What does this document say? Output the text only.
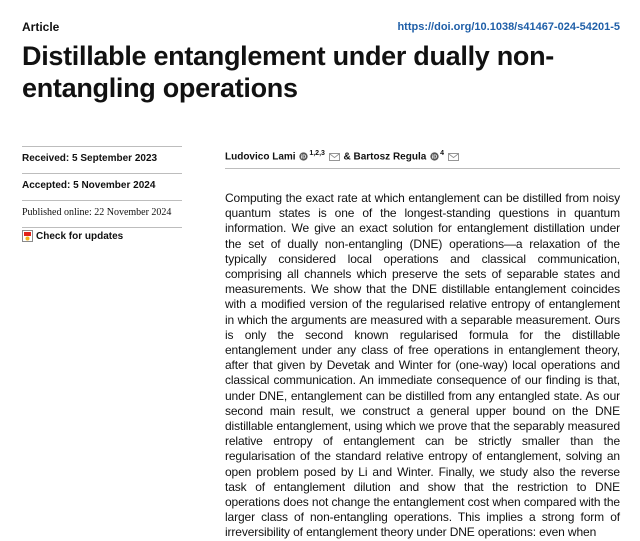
Article	https://doi.org/10.1038/s41467-024-54201-5
Distillable entanglement under dually non-entangling operations
Received: 5 September 2023
Accepted: 5 November 2024
Published online: 22 November 2024
Check for updates
Ludovico Lami iD
$^{1,2,3}$ & Bartosz Regula iD
$^4$

Computing the exact rate at which entanglement can be distilled from noisy quantum states is one of the longest-standing questions in quantum information. We give an exact solution for entanglement distillation under the set of dually non-entangling (DNE) operations—a relaxation of the typically considered local operations and classical communication, comprising all channels which preserve the sets of separable states and measurements. We show that the DNE distillable entanglement coincides with a modified version of the regularised relative entropy of entanglement in which the arguments are measured with a separable measurement. Ours is only the second known regularised formula for the distillable entanglement under any class of free operations in entanglement theory, after that given by Devetak and Winter for (one-way) local operations and classical communication. An immediate consequence of our finding is that, under DNE, entanglement can be distilled from any entangled state. As our second main result, we construct a general upper bound on the DNE distillable entanglement, using which we prove that the separably measured relative entropy of entanglement can be strictly smaller than the regularisation of the standard relative entropy of entanglement, solving an open problem posed by Li and Winter. Finally, we study also the reverse task of entanglement dilution and show that the restriction to DNE operations does not change the entanglement cost when compared with the larger class of non-entangling operations. This implies a strong form of irreversibility of entanglement theory under DNE operations: even when
